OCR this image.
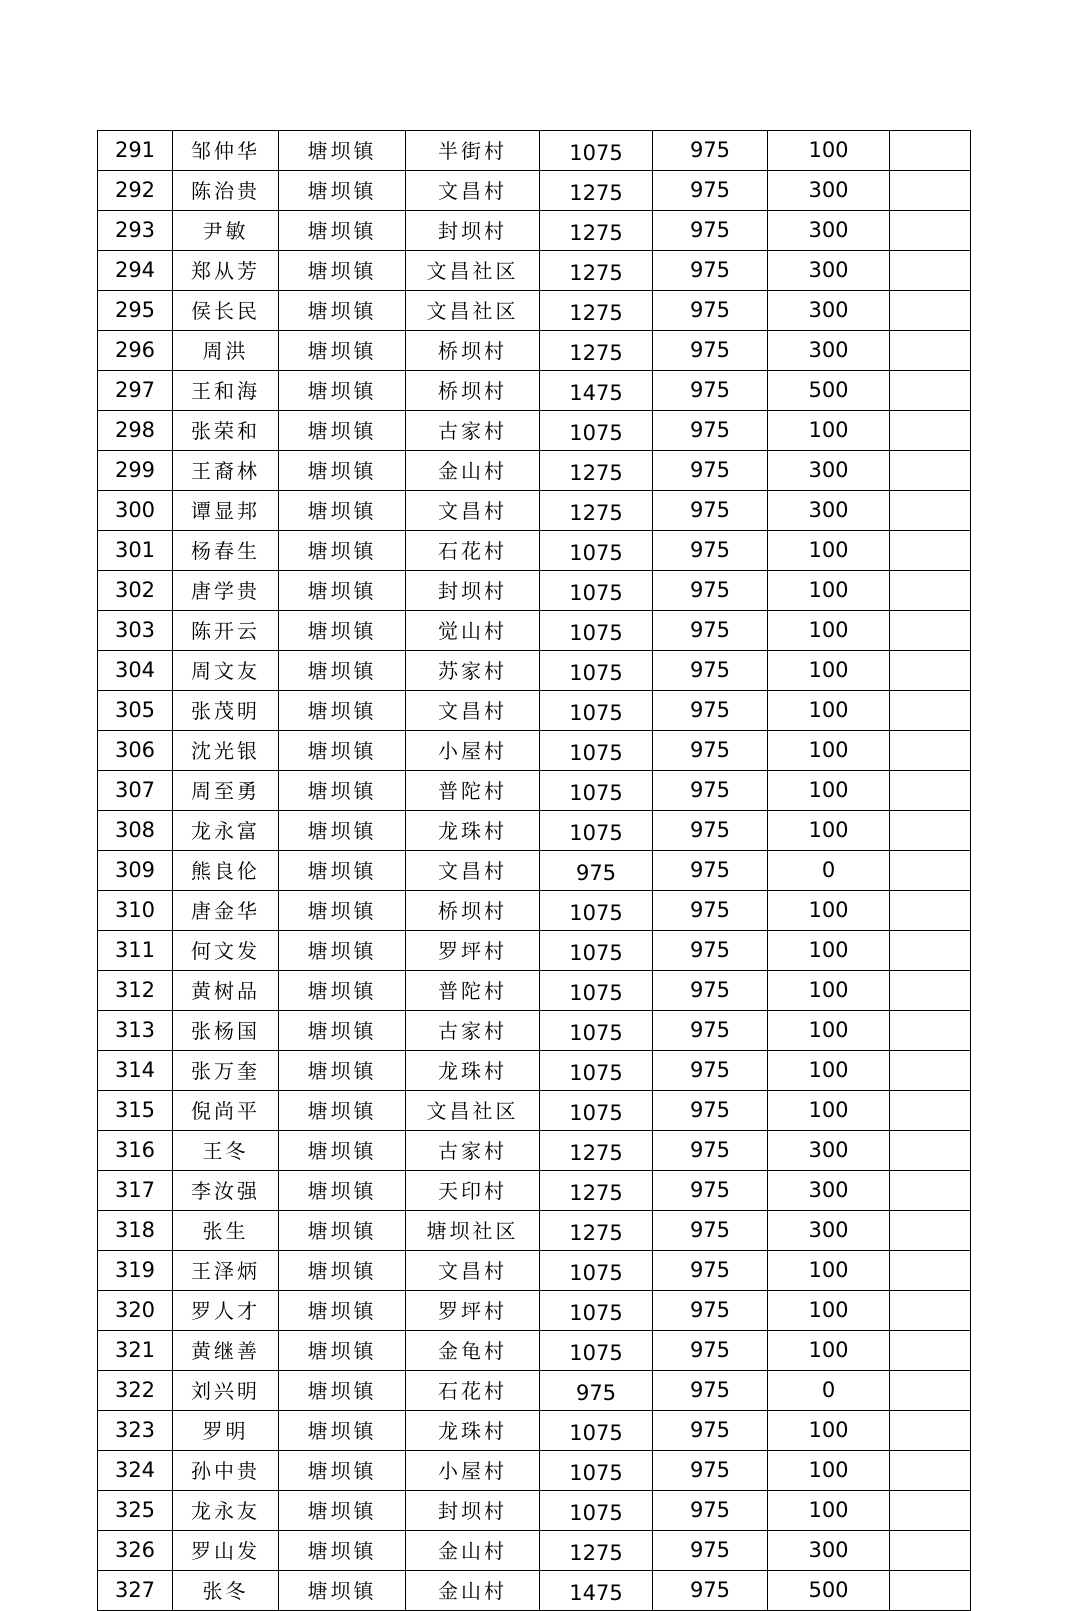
291	邹仲华	塘坝镇	半街村	1075	975	100	
292	陈治贵	塘坝镇	文昌村	1275	975	300	
293	尹敏	塘坝镇	封坝村	1275	975	300	
294	郑从芳	塘坝镇	文昌社区	1275	975	300	
295	侯长民	塘坝镇	文昌社区	1275	975	300	
296	周洪	塘坝镇	桥坝村	1275	975	300	
297	王和海	塘坝镇	桥坝村	1475	975	500	
298	张荣和	塘坝镇	古家村	1075	975	100	
299	王裔林	塘坝镇	金山村	1275	975	300	
300	谭显邦	塘坝镇	文昌村	1275	975	300	
301	杨春生	塘坝镇	石花村	1075	975	100	
302	唐学贵	塘坝镇	封坝村	1075	975	100	
303	陈开云	塘坝镇	觉山村	1075	975	100	
304	周文友	塘坝镇	苏家村	1075	975	100	
305	张茂明	塘坝镇	文昌村	1075	975	100	
306	沈光银	塘坝镇	小屋村	1075	975	100	
307	周至勇	塘坝镇	普陀村	1075	975	100	
308	龙永富	塘坝镇	龙珠村	1075	975	100	
309	熊良伦	塘坝镇	文昌村	975	975	0	
310	唐金华	塘坝镇	桥坝村	1075	975	100	
311	何文发	塘坝镇	罗坪村	1075	975	100	
312	黄树品	塘坝镇	普陀村	1075	975	100	
313	张杨国	塘坝镇	古家村	1075	975	100	
314	张万奎	塘坝镇	龙珠村	1075	975	100	
315	倪尚平	塘坝镇	文昌社区	1075	975	100	
316	王冬	塘坝镇	古家村	1275	975	300	
317	李汝强	塘坝镇	天印村	1275	975	300	
318	张生	塘坝镇	塘坝社区	1275	975	300	
319	王泽炳	塘坝镇	文昌村	1075	975	100	
320	罗人才	塘坝镇	罗坪村	1075	975	100	
321	黄继善	塘坝镇	金龟村	1075	975	100	
322	刘兴明	塘坝镇	石花村	975	975	0	
323	罗明	塘坝镇	龙珠村	1075	975	100	
324	孙中贵	塘坝镇	小屋村	1075	975	100	
325	龙永友	塘坝镇	封坝村	1075	975	100	
326	罗山发	塘坝镇	金山村	1275	975	300	
327	张冬	塘坝镇	金山村	1475	975	500	
